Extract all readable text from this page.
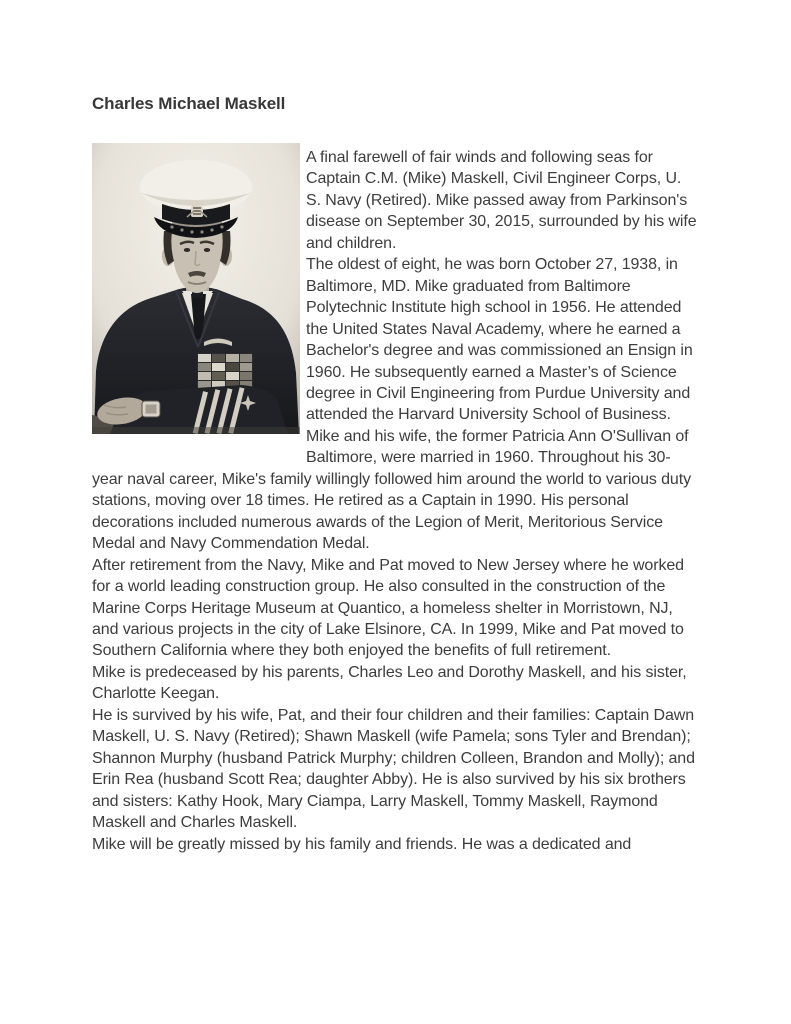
Charles Michael Maskell

A final farewell of fair winds and following seas for Captain C.M. (Mike) Maskell, Civil Engineer Corps, U. S. Navy (Retired). Mike passed away from Parkinson's disease on September 30, 2015, surrounded by his wife and children.

The oldest of eight, he was born October 27, 1938, in Baltimore, MD. Mike graduated from Baltimore Polytechnic Institute high school in 1956. He attended the United States Naval Academy, where he earned a Bachelor's degree and was commissioned an Ensign in 1960. He subsequently earned a Master’s of Science degree in Civil Engineering from Purdue University and attended the Harvard University School of Business.

Mike and his wife, the former Patricia Ann O'Sullivan of Baltimore, were married in 1960. Throughout his 30-year naval career, Mike's family willingly followed him around the world to various duty stations, moving over 18 times. He retired as a Captain in 1990. His personal decorations included numerous awards of the Legion of Merit, Meritorious Service Medal and Navy Commendation Medal.

After retirement from the Navy, Mike and Pat moved to New Jersey where he worked for a world leading construction group. He also consulted in the construction of the Marine Corps Heritage Museum at Quantico, a homeless shelter in Morristown, NJ, and various projects in the city of Lake Elsinore, CA. In 1999, Mike and Pat moved to Southern California where they both enjoyed the benefits of full retirement.

Mike is predeceased by his parents, Charles Leo and Dorothy Maskell, and his sister, Charlotte Keegan.

He is survived by his wife, Pat, and their four children and their families: Captain Dawn Maskell, U. S. Navy (Retired); Shawn Maskell (wife Pamela; sons Tyler and Brendan); Shannon Murphy (husband Patrick Murphy; children Colleen, Brandon and Molly); and Erin Rea (husband Scott Rea; daughter Abby). He is also survived by his six brothers and sisters: Kathy Hook, Mary Ciampa, Larry Maskell, Tommy Maskell, Raymond Maskell and Charles Maskell.

Mike will be greatly missed by his family and friends. He was a dedicated and
